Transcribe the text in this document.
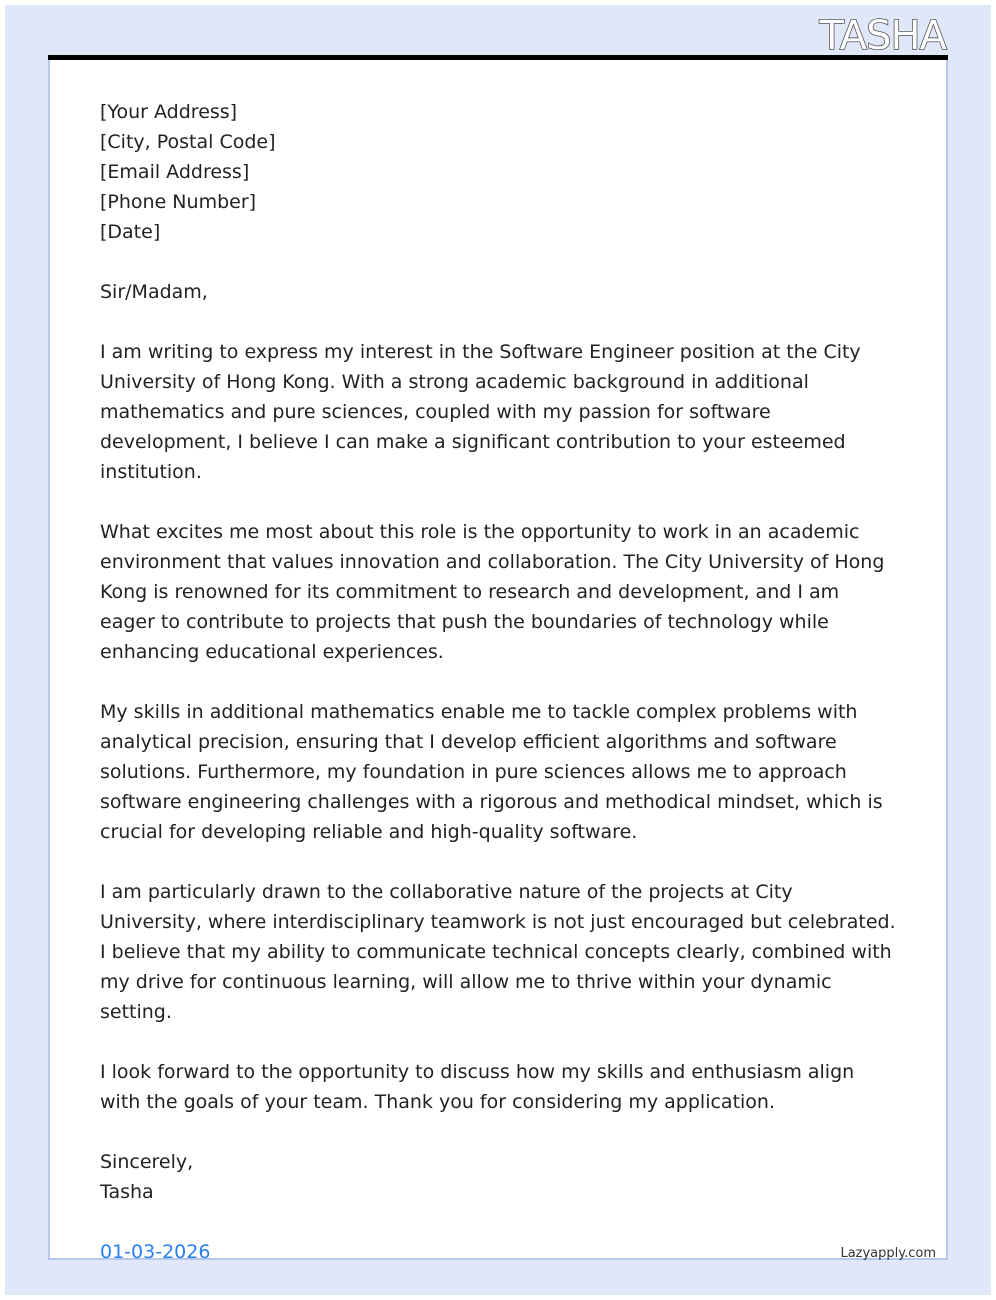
TASHA

[Your Address]
[City, Postal Code]
[Email Address]
[Phone Number]
[Date]

Sir/Madam,

I am writing to express my interest in the Software Engineer position at the City University of Hong Kong. With a strong academic background in additional mathematics and pure sciences, coupled with my passion for software development, I believe I can make a significant contribution to your esteemed institution.

What excites me most about this role is the opportunity to work in an academic environment that values innovation and collaboration. The City University of Hong Kong is renowned for its commitment to research and development, and I am eager to contribute to projects that push the boundaries of technology while enhancing educational experiences.

My skills in additional mathematics enable me to tackle complex problems with analytical precision, ensuring that I develop efficient algorithms and software solutions. Furthermore, my foundation in pure sciences allows me to approach software engineering challenges with a rigorous and methodical mindset, which is crucial for developing reliable and high-quality software.

I am particularly drawn to the collaborative nature of the projects at City University, where interdisciplinary teamwork is not just encouraged but celebrated. I believe that my ability to communicate technical concepts clearly, combined with my drive for continuous learning, will allow me to thrive within your dynamic setting.

I look forward to the opportunity to discuss how my skills and enthusiasm align with the goals of your team. Thank you for considering my application.

Sincerely,
Tasha

01-03-2026	Lazyapply.com
